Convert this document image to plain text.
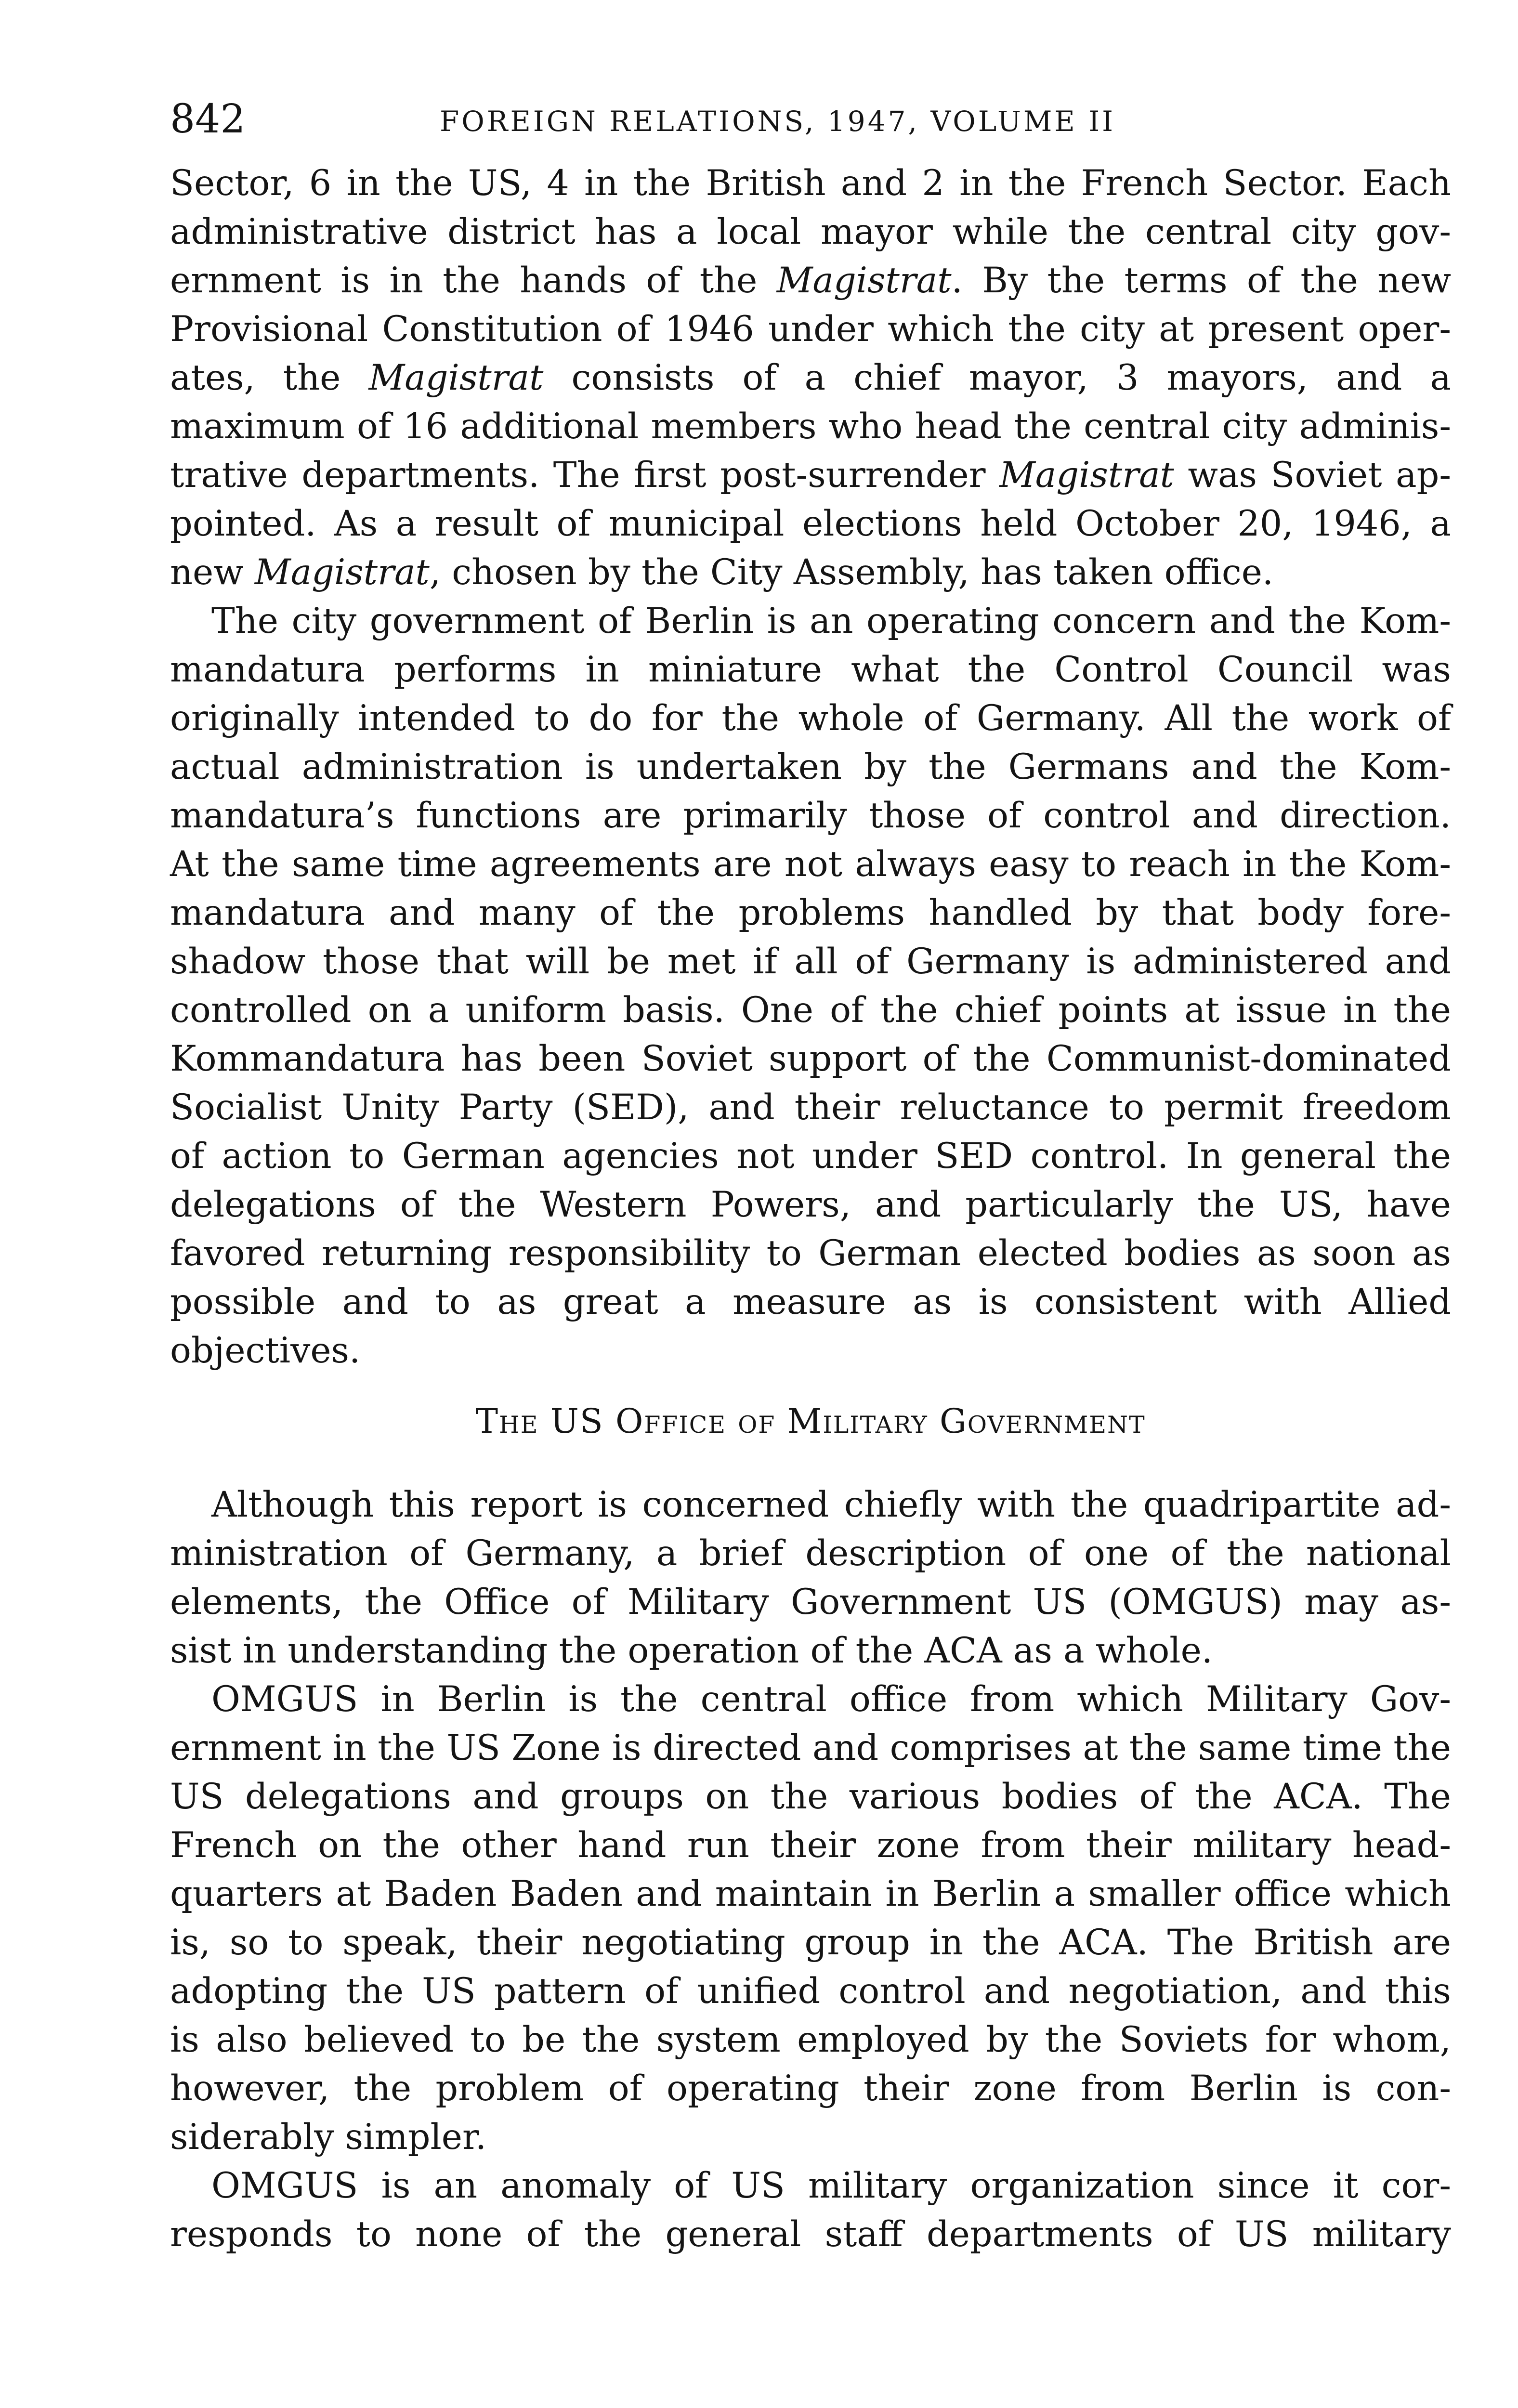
842	FOREIGN RELATIONS, 1947, VOLUME II
Sector, 6 in the US, 4 in the British and 2 in the French Sector. Each
administrative district has a local mayor while the central city gov-
ernment is in the hands of the Magistrat. By the terms of the new
Provisional Constitution of 1946 under which the city at present oper-
ates, the Magistrat consists of a chief mayor, 3 mayors, and a
maximum of 16 additional members who head the central city adminis-
trative departments. The first post-surrender Magistrat was Soviet ap-
pointed. As a result of municipal elections held October 20, 1946, a
new Magistrat, chosen by the City Assembly, has taken office.
The city government of Berlin is an operating concern and the Kom-
mandatura performs in miniature what the Control Council was
originally intended to do for the whole of Germany. All the work of
actual administration is undertaken by the Germans and the Kom-
mandatura’s functions are primarily those of control and direction.
At the same time agreements are not always easy to reach in the Kom-
mandatura and many of the problems handled by that body fore-
shadow those that will be met if all of Germany is administered and
controlled on a uniform basis. One of the chief points at issue in the
Kommandatura has been Soviet support of the Communist-dominated
Socialist Unity Party (SED), and their reluctance to permit freedom
of action to German agencies not under SED control. In general the
delegations of the Western Powers, and particularly the US, have
favored returning responsibility to German elected bodies as soon as
possible and to as great a measure as is consistent with Allied
objectives.
The US Office of Military Government
Although this report is concerned chiefly with the quadripartite ad-
ministration of Germany, a brief description of one of the national
elements, the Office of Military Government US (OMGUS) may as-
sist in understanding the operation of the ACA as a whole.
OMGUS in Berlin is the central office from which Military Gov-
ernment in the US Zone is directed and comprises at the same time the
US delegations and groups on the various bodies of the ACA. The
French on the other hand run their zone from their military head-
quarters at Baden Baden and maintain in Berlin a smaller office which
is, so to speak, their negotiating group in the ACA. The British are
adopting the US pattern of unified control and negotiation, and this
is also believed to be the system employed by the Soviets for whom,
however, the problem of operating their zone from Berlin is con-
siderably simpler.
OMGUS is an anomaly of US military organization since it cor-
responds to none of the general staff departments of US military
